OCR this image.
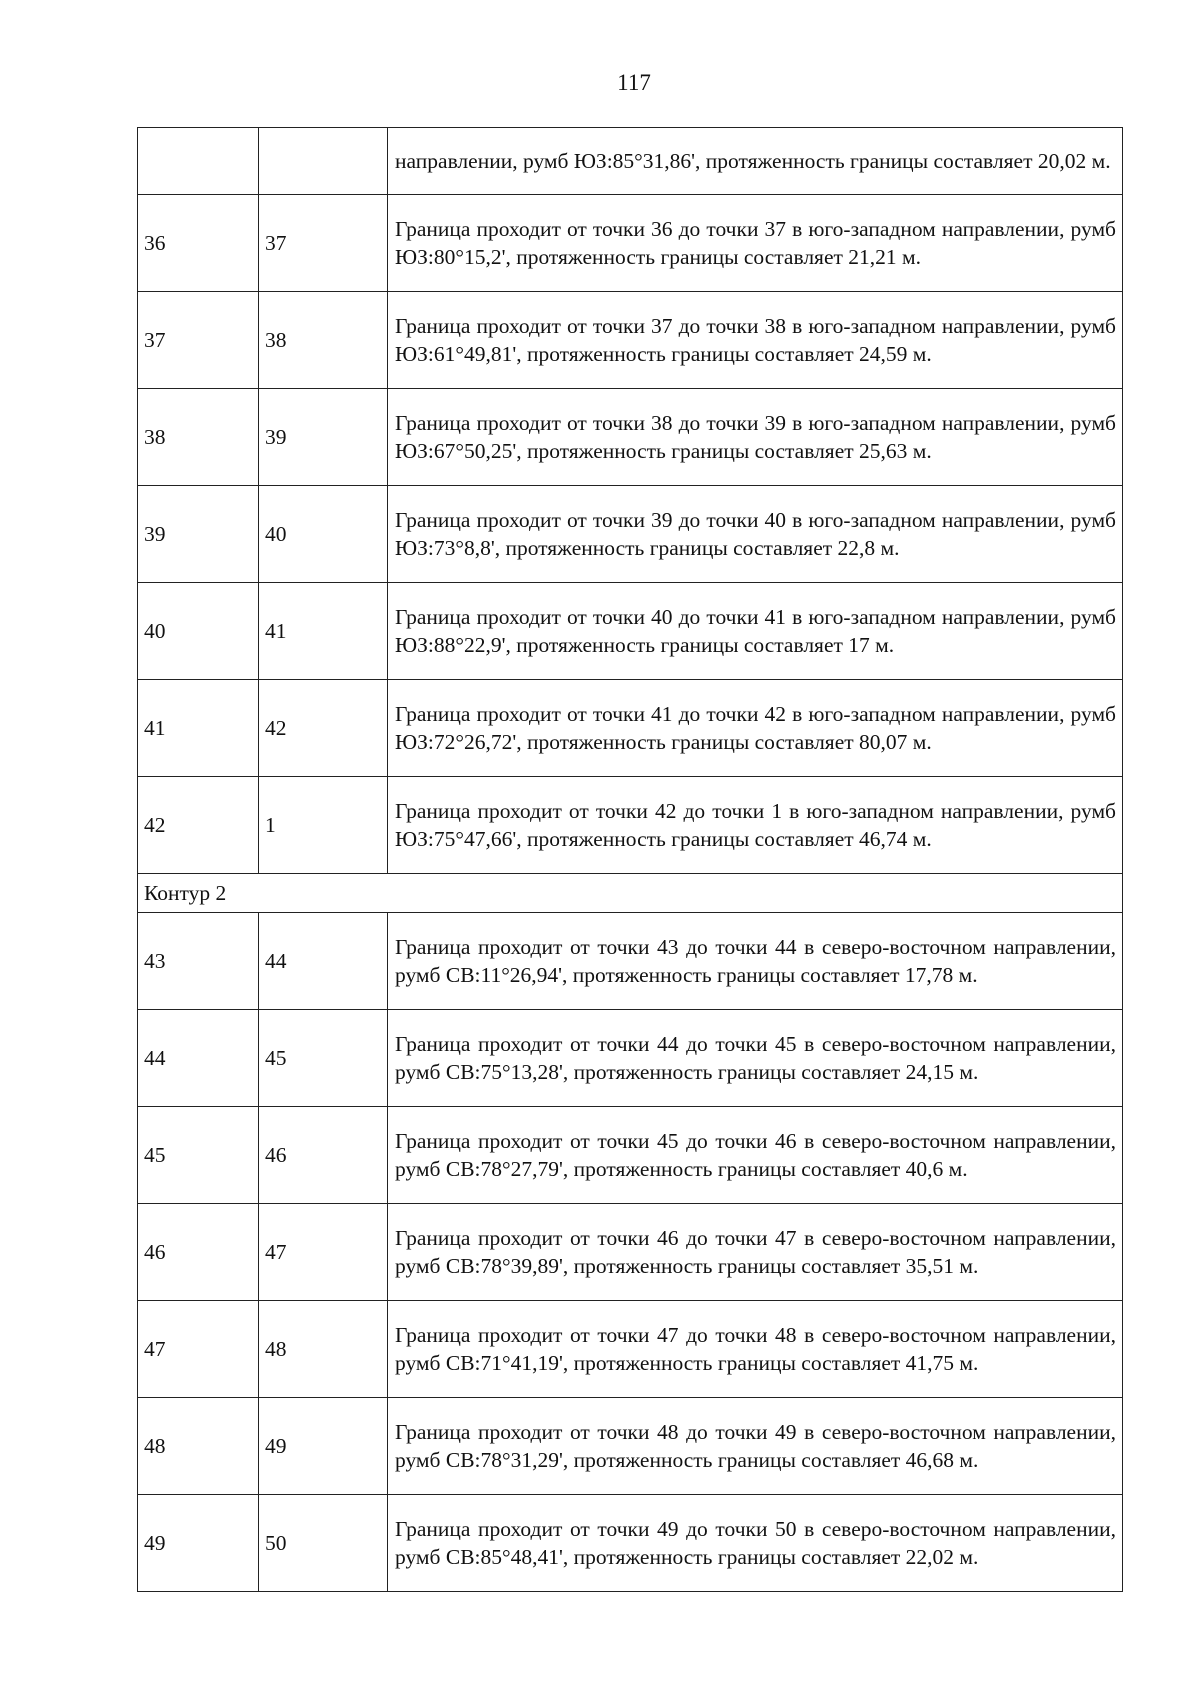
117
		направлении, румб ЮЗ:85°31,86', протяженность границы составляет 20,02 м.
36	37	Граница проходит от точки 36 до точки 37 в юго-западном направлении, румб ЮЗ:80°15,2', протяженность границы составляет 21,21 м.
37	38	Граница проходит от точки 37 до точки 38 в юго-западном направлении, румб ЮЗ:61°49,81', протяженность границы составляет 24,59 м.
38	39	Граница проходит от точки 38 до точки 39 в юго-западном направлении, румб ЮЗ:67°50,25', протяженность границы составляет 25,63 м.
39	40	Граница проходит от точки 39 до точки 40 в юго-западном направлении, румб ЮЗ:73°8,8', протяженность границы составляет 22,8 м.
40	41	Граница проходит от точки 40 до точки 41 в юго-западном направлении, румб ЮЗ:88°22,9', протяженность границы составляет 17 м.
41	42	Граница проходит от точки 41 до точки 42 в юго-западном направлении, румб ЮЗ:72°26,72', протяженность границы составляет 80,07 м.
42	1	Граница проходит от точки 42 до точки 1 в юго-западном направлении, румб ЮЗ:75°47,66', протяженность границы составляет 46,74 м.
Контур 2		
43	44	Граница проходит от точки 43 до точки 44 в северо-восточном направлении, румб СВ:11°26,94', протяженность границы составляет 17,78 м.
44	45	Граница проходит от точки 44 до точки 45 в северо-восточном направлении, румб СВ:75°13,28', протяженность границы составляет 24,15 м.
45	46	Граница проходит от точки 45 до точки 46 в северо-восточном направлении, румб СВ:78°27,79', протяженность границы составляет 40,6 м.
46	47	Граница проходит от точки 46 до точки 47 в северо-восточном направлении, румб СВ:78°39,89', протяженность границы составляет 35,51 м.
47	48	Граница проходит от точки 47 до точки 48 в северо-восточном направлении, румб СВ:71°41,19', протяженность границы составляет 41,75 м.
48	49	Граница проходит от точки 48 до точки 49 в северо-восточном направлении, румб СВ:78°31,29', протяженность границы составляет 46,68 м.
49	50	Граница проходит от точки 49 до точки 50 в северо-восточном направлении, румб СВ:85°48,41', протяженность границы составляет 22,02 м.
